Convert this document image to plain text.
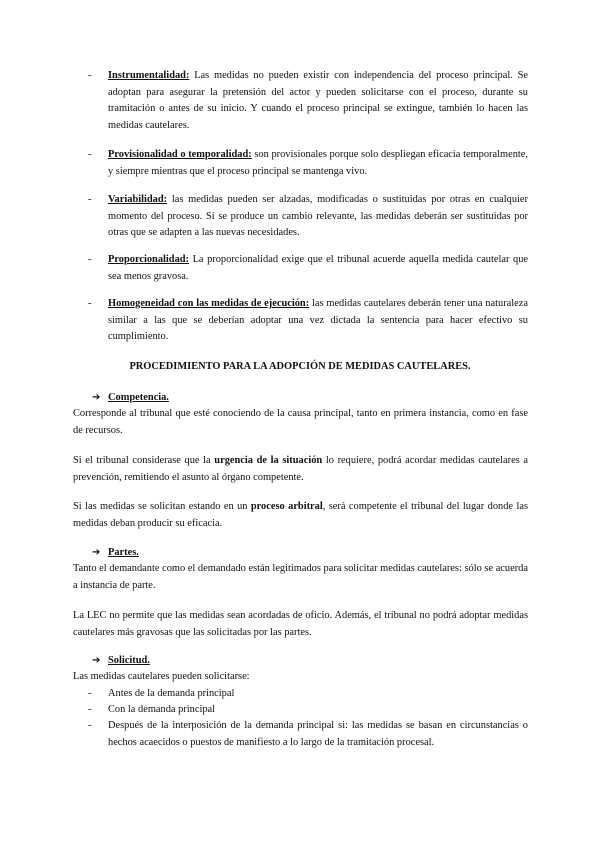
- Instrumentalidad: Las medidas no pueden existir con independencia del proceso principal. Se adoptan para asegurar la pretensión del actor y pueden solicitarse con el proceso, durante su tramitación o antes de su inicio. Y cuando el proceso principal se extingue, también lo hacen las medidas cautelares.

- Provisionalidad o temporalidad: son provisionales porque solo despliegan eficacia temporalmente, y siempre mientras que el proceso principal se mantenga vivo.

- Variabilidad: las medidas pueden ser alzadas, modificadas o sustituidas por otras en cualquier momento del proceso. Si se produce un cambio relevante, las medidas deberán ser sustituidas por otras que se adapten a las nuevas necesidades.

- Proporcionalidad: La proporcionalidad exige que el tribunal acuerde aquella medida cautelar que sea menos gravosa.

- Homogeneidad con las medidas de ejecución: las medidas cautelares deberán tener una naturaleza similar a las que se deberían adoptar una vez dictada la sentencia para hacer efectivo su cumplimiento.

PROCEDIMIENTO PARA LA ADOPCIÓN DE MEDIDAS CAUTELARES.
➔ Competencia.

Corresponde al tribunal que esté conociendo de la causa principal, tanto en primera instancia, como en fase de recursos.

Si el tribunal considerase que la urgencia de la situación lo requiere, podrá acordar medidas cautelares a prevención, remitiendo el asunto al órgano competente.

Si las medidas se solicitan estando en un proceso arbitral, será competente el tribunal del lugar donde las medidas deban producir su eficacia.

➔ Partes.

Tanto el demandante como el demandado están legitimados para solicitar medidas cautelares: sólo se acuerda a instancia de parte.

La LEC no permite que las medidas sean acordadas de oficio. Además, el tribunal no podrá adoptar medidas cautelares más gravosas que las solicitadas por las partes.

➔ Solicitud.

Las medidas cautelares pueden solicitarse:

- Antes de la demanda principal

- Con la demanda principal

- Después de la interposición de la demanda principal si: las medidas se basan en circunstancias o hechos acaecidos o puestos de manifiesto a lo largo de la tramitación procesal.
